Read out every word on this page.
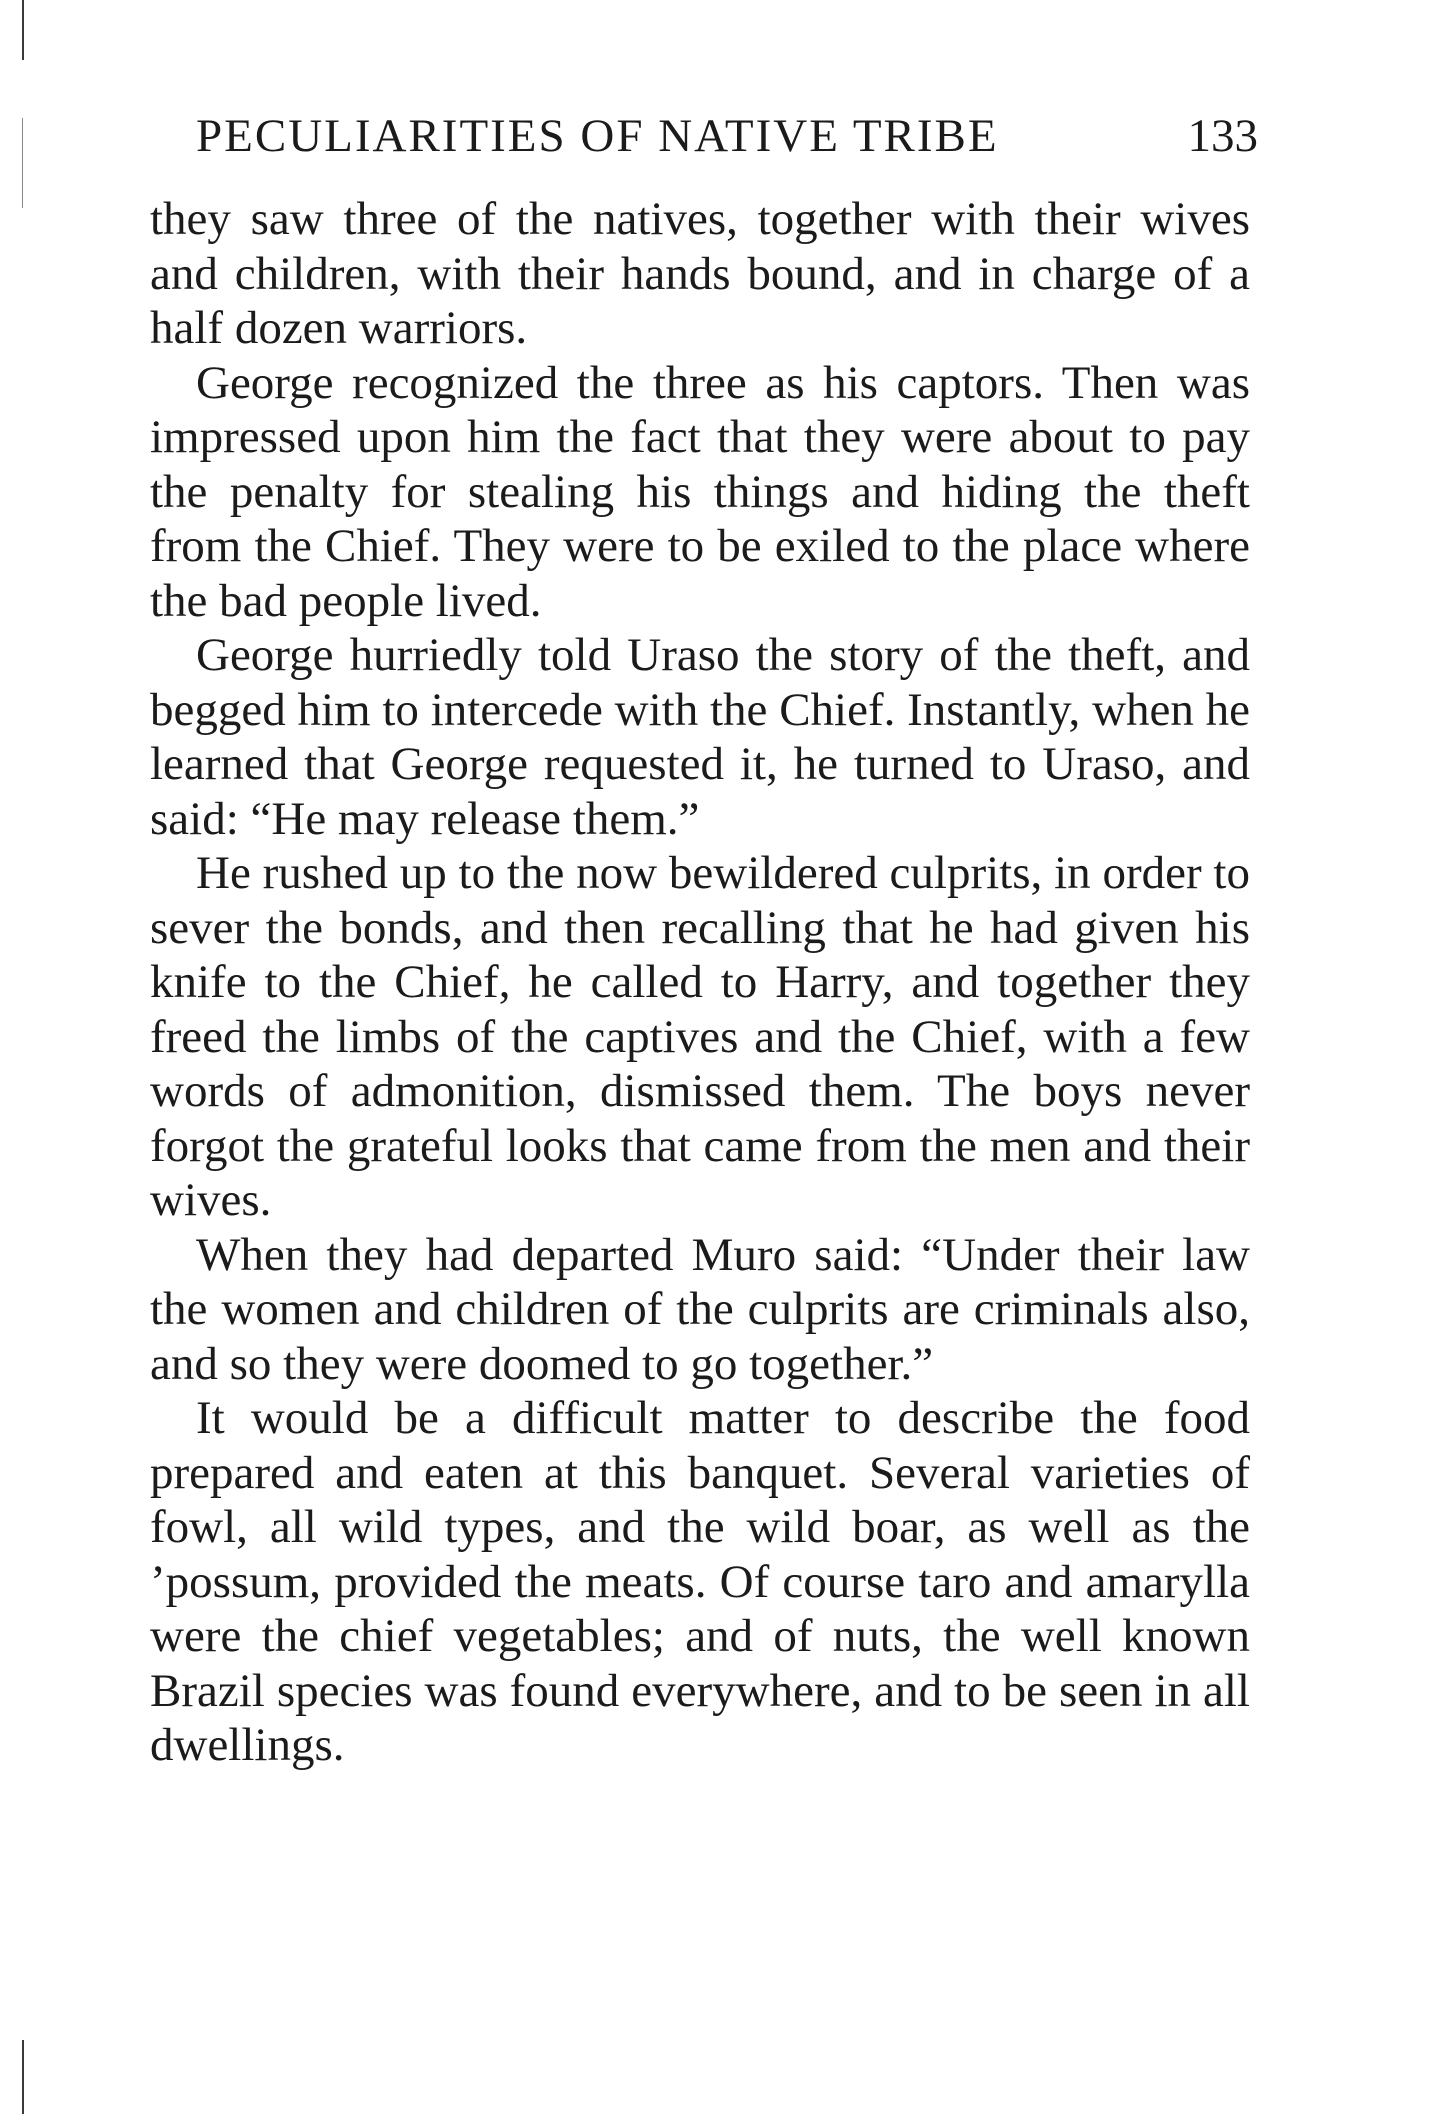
PECULIARITIES OF NATIVE TRIBE	133

they saw three of the natives, together with their wives and children, with their hands bound, and in charge of a half dozen warriors.

George recognized the three as his captors. Then was impressed upon him the fact that they were about to pay the penalty for stealing his things and hiding the theft from the Chief. They were to be exiled to the place where the bad people lived.

George hurriedly told Uraso the story of the theft, and begged him to intercede with the Chief. Instantly, when he learned that George requested it, he turned to Uraso, and said: “He may release them.”

He rushed up to the now bewildered culprits, in order to sever the bonds, and then recalling that he had given his knife to the Chief, he called to Harry, and together they freed the limbs of the captives and the Chief, with a few words of admonition, dismissed them. The boys never forgot the grateful looks that came from the men and their wives.

When they had departed Muro said: “Under their law the women and children of the culprits are criminals also, and so they were doomed to go together.”

It would be a difficult matter to describe the food prepared and eaten at this banquet. Several varieties of fowl, all wild types, and the wild boar, as well as the ’possum, provided the meats. Of course taro and amarylla were the chief vegetables; and of nuts, the well known Brazil species was found everywhere, and to be seen in all dwellings.
